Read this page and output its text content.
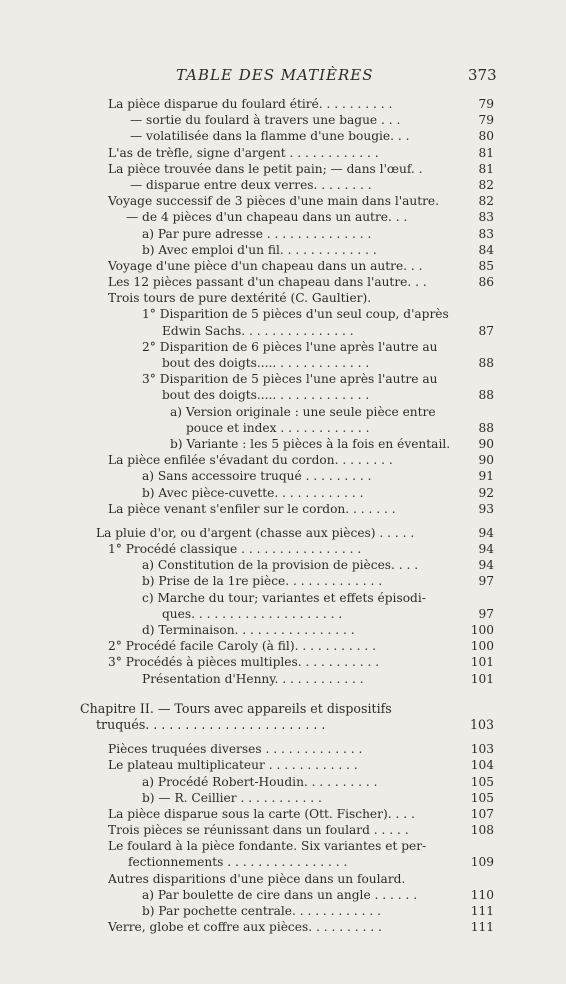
TABLE DES MATIÈRES	373
La pièce disparue du foulard étiré. . . . . . . . . .	79
— sortie du foulard à travers une bague . . .	79
— volatilisée dans la flamme d'une bougie. . .	80
L'as de trèfle, signe d'argent . . . . . . . . . . . .	81
La pièce trouvée dans le petit pain; — dans l'œuf. .	81
— disparue entre deux verres. . . . . . . .	82
Voyage successif de 3 pièces d'une main dans l'autre.	82
— de 4 pièces d'un chapeau dans un autre. . .	83
a) Par pure adresse . . . . . . . . . . . . . .	83
b) Avec emploi d'un fil. . . . . . . . . . . . .	84
Voyage d'une pièce d'un chapeau dans un autre. . .	85
Les 12 pièces passant d'un chapeau dans l'autre. . .	86
Trois tours de pure dextérité (C. Gaultier).
1° Disparition de 5 pièces d'un seul coup, d'après
Edwin Sachs. . . . . . . . . . . . . . .	87
2° Disparition de 6 pièces l'une après l'autre au
bout des doigts..... . . . . . . . . . . . .	88
3° Disparition de 5 pièces l'une après l'autre au
bout des doigts..... . . . . . . . . . . . .	88
a) Version originale : une seule pièce entre
pouce et index . . . . . . . . . . . .	88
b) Variante : les 5 pièces à la fois en éventail.	90
La pièce enfilée s'évadant du cordon. . . . . . . .	90
a) Sans accessoire truqué . . . . . . . . .	91
b) Avec pièce-cuvette. . . . . . . . . . . .	92
La pièce venant s'enfiler sur le cordon. . . . . . .	93
La pluie d'or, ou d'argent (chasse aux pièces) . . . . .	94
1° Procédé classique . . . . . . . . . . . . . . . .	94
a) Constitution de la provision de pièces. . . .	94
b) Prise de la 1re pièce. . . . . . . . . . . . .	97
c) Marche du tour; variantes et effets épisodi-
ques. . . . . . . . . . . . . . . . . . . .	97
d) Terminaison. . . . . . . . . . . . . . . .	100
2° Procédé facile Caroly (à fil). . . . . . . . . . .	100
3° Procédés à pièces multiples. . . . . . . . . . .	101
Présentation d'Henny. . . . . . . . . . . .	101
Chapitre II. — Tours avec appareils et dispositifs
truqués. . . . . . . . . . . . . . . . . . . . . . .	103
Pièces truquées diverses . . . . . . . . . . . . .	103
Le plateau multiplicateur . . . . . . . . . . . .	104
a) Procédé Robert-Houdin. . . . . . . . . .	105
b) — R. Ceillier . . . . . . . . . . .	105
La pièce disparue sous la carte (Ott. Fischer). . . .	107
Trois pièces se réunissant dans un foulard . . . . .	108
Le foulard à la pièce fondante. Six variantes et per-
fectionnements . . . . . . . . . . . . . . . .	109
Autres disparitions d'une pièce dans un foulard.
a) Par boulette de cire dans un angle . . . . . .	110
b) Par pochette centrale. . . . . . . . . . . .	111
Verre, globe et coffre aux pièces. . . . . . . . . .	111
